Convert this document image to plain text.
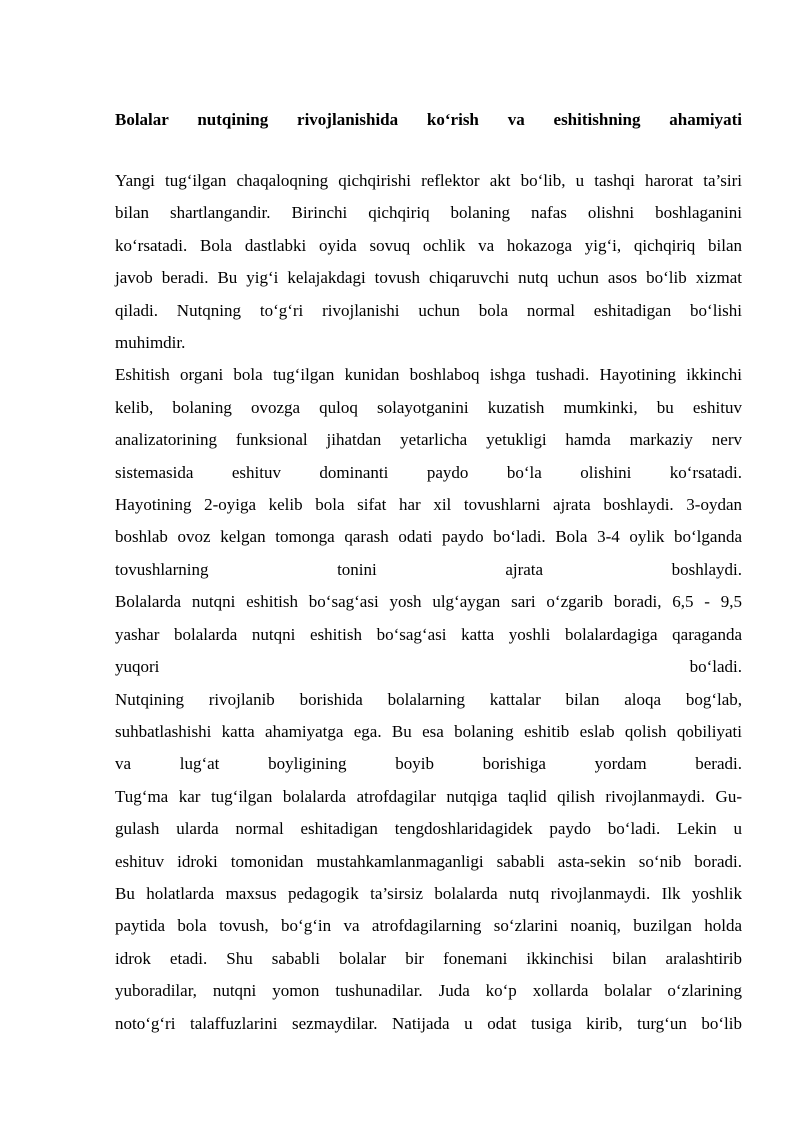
Bolalar nutqining rivojlanishida ko‘rish va eshitishning ahamiyati
Yangi tug‘ilgan chaqaloqning qichqirishi reflektor akt bo‘lib, u tashqi harorat ta’siri
bilan shartlangandir. Birinchi qichqiriq bolaning nafas olishni boshlaganini
ko‘rsatadi. Bola dastlabki oyida sovuq ochlik va hokazoga yig‘i, qichqiriq bilan
javob beradi. Bu yig‘i kelajakdagi tovush chiqaruvchi nutq uchun asos bo‘lib xizmat
qiladi. Nutqning to‘g‘ri rivojlanishi uchun bola normal eshitadigan bo‘lishi
muhimdir.
Eshitish organi bola tug‘ilgan kunidan boshlaboq ishga tushadi. Hayotining ikkinchi
kelib, bolaning ovozga quloq solayotganini kuzatish mumkinki, bu eshituv
analizatorining funksional jihatdan yetarlicha yetukligi hamda markaziy nerv
sistemasida eshituv dominanti paydo bo‘la olishini ko‘rsatadi.
Hayotining 2-oyiga kelib bola sifat har xil tovushlarni ajrata boshlaydi. 3-oydan
boshlab ovoz kelgan tomonga qarash odati paydo bo‘ladi. Bola 3-4 oylik bo‘lganda
tovushlarning tonini ajrata boshlaydi.
Bolalarda nutqni eshitish bo‘sag‘asi yosh ulg‘aygan sari o‘zgarib boradi, 6,5 - 9,5
yashar bolalarda nutqni eshitish bo‘sag‘asi katta yoshli bolalardagiga qaraganda
yuqori bo‘ladi.
Nutqining rivojlanib borishida bolalarning kattalar bilan aloqa bog‘lab,
suhbatlashishi katta ahamiyatga ega. Bu esa bolaning eshitib eslab qolish qobiliyati
va lug‘at boyligining boyib borishiga yordam beradi.
Tug‘ma kar tug‘ilgan bolalarda atrofdagilar nutqiga taqlid qilish rivojlanmaydi. Gu-
gulash ularda normal eshitadigan tengdoshlaridagidek paydo bo‘ladi. Lekin u
eshituv idroki tomonidan mustahkamlanmaganligi sababli asta-sekin so‘nib boradi.
Bu holatlarda maxsus pedagogik ta’sirsiz bolalarda nutq rivojlanmaydi. Ilk yoshlik
paytida bola tovush, bo‘g‘in va atrofdagilarning so‘zlarini noaniq, buzilgan holda
idrok etadi. Shu sababli bolalar bir fonemani ikkinchisi bilan aralashtirib
yuboradilar, nutqni yomon tushunadilar. Juda ko‘p xollarda bolalar o‘zlarining
noto‘g‘ri talaffuzlarini sezmaydilar. Natijada u odat tusiga kirib, turg‘un bo‘lib
